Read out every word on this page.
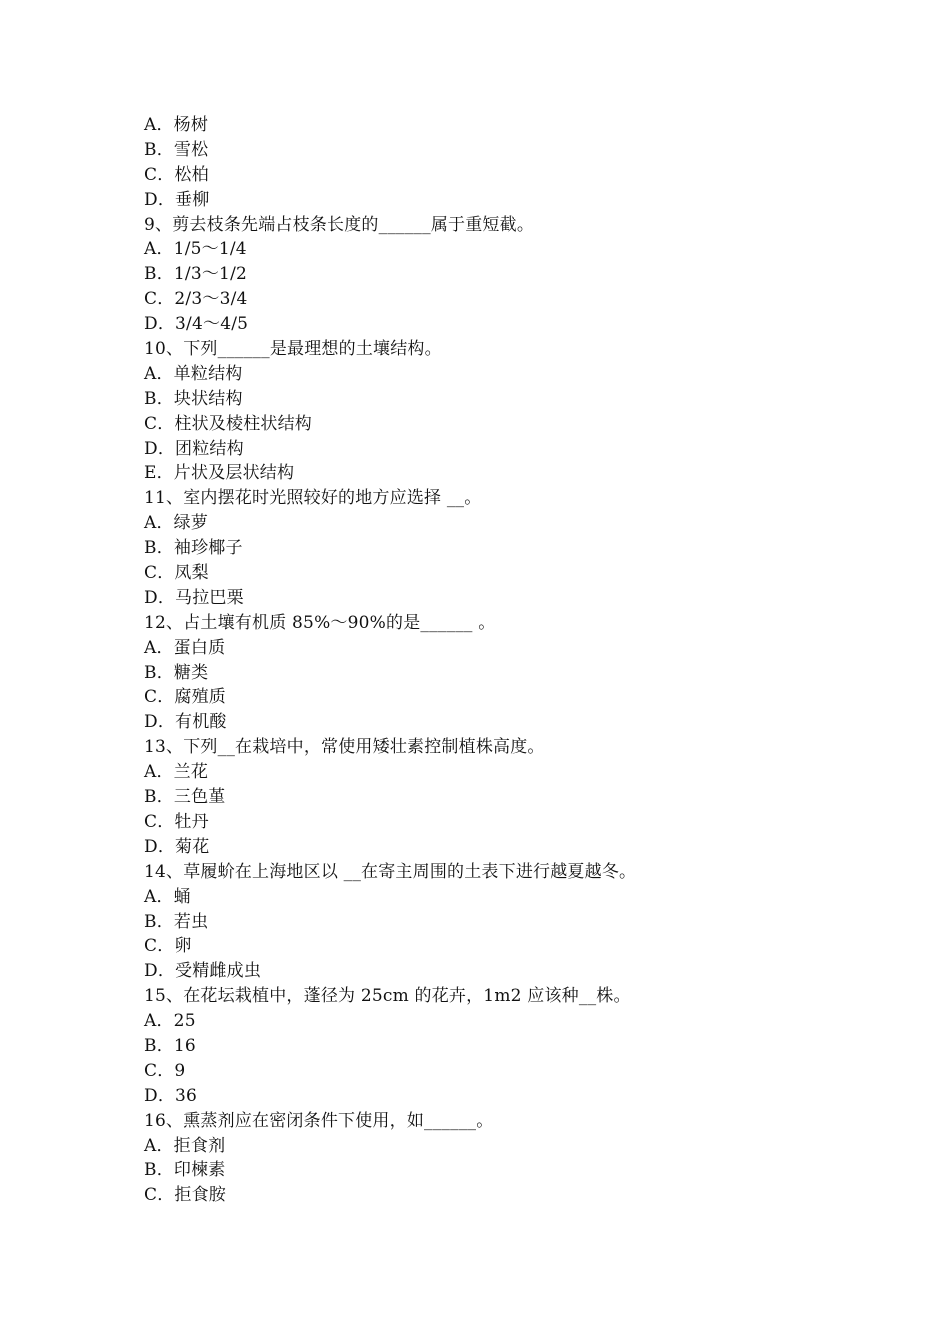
A．杨树
B．雪松
C．松柏
D．垂柳
9、剪去枝条先端占枝条长度的______属于重短截。
A．1/5～1/4
B．1/3～1/2
C．2/3～3/4
D．3/4～4/5
10、下列______是最理想的土壤结构。
A．单粒结构
B．块状结构
C．柱状及棱柱状结构
D．团粒结构
E．片状及层状结构
11、室内摆花时光照较好的地方应选择 __。
A．绿萝
B．袖珍椰子
C．凤梨
D．马拉巴栗
12、占土壤有机质 85%～90%的是______ 。
A．蛋白质
B．糖类
C．腐殖质
D．有机酸
13、下列__在栽培中，常使用矮壮素控制植株高度。
A．兰花
B．三色堇
C．牡丹
D．菊花
14、草履蚧在上海地区以 __在寄主周围的土表下进行越夏越冬。
A．蛹
B．若虫
C．卵
D．受精雌成虫
15、在花坛栽植中，蓬径为 25cm 的花卉，1m2 应该种__株。
A．25
B．16
C．9
D．36
16、熏蒸剂应在密闭条件下使用，如______。
A．拒食剂
B．印楝素
C．拒食胺
